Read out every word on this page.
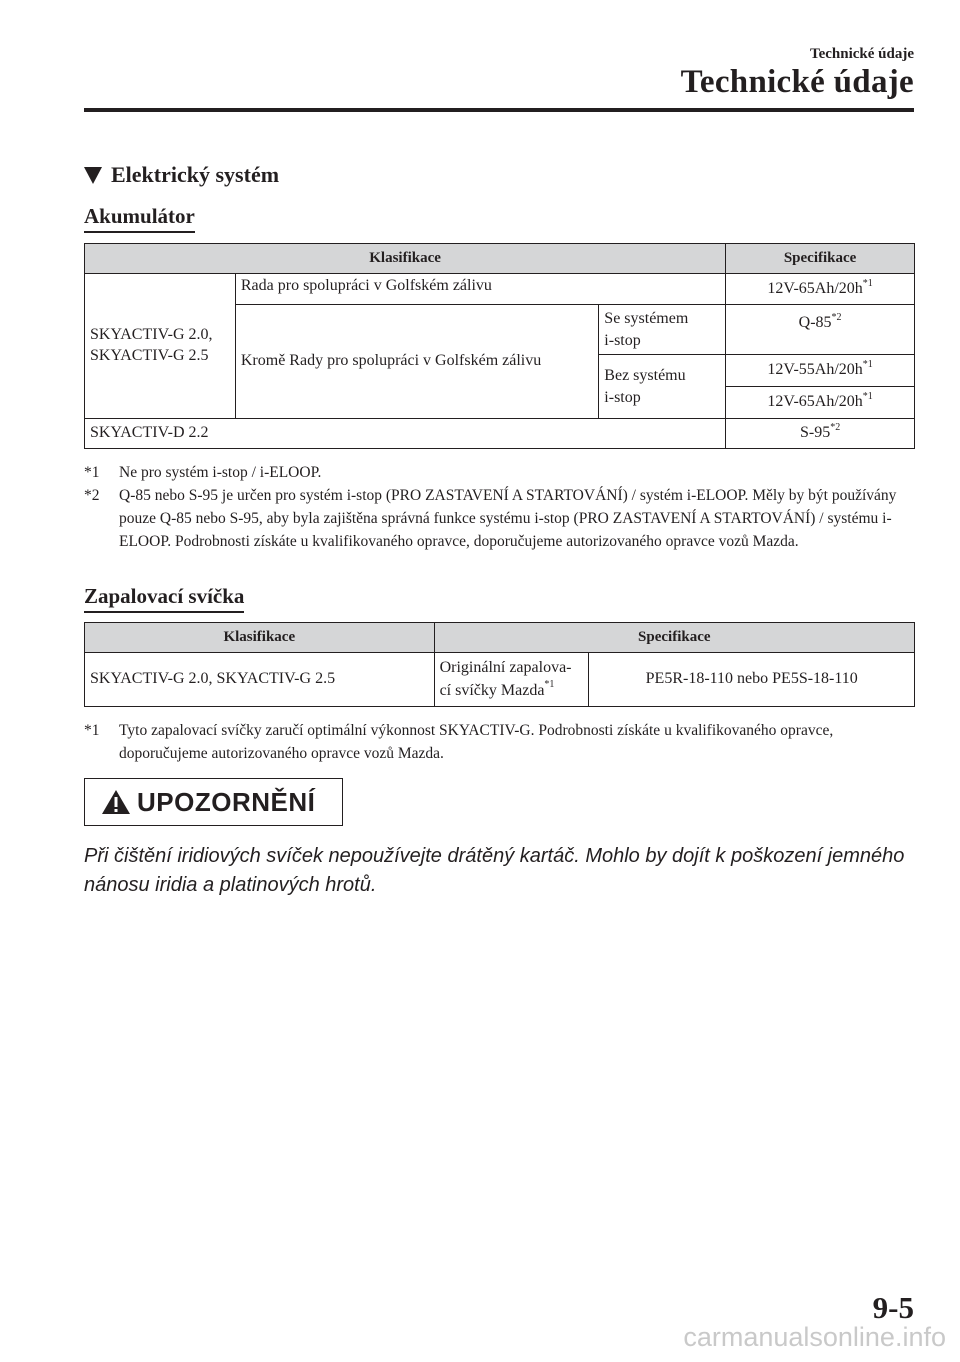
Technické údaje
Technické údaje
Elektrický systém
Akumulátor
Klasifikace			Specifikace
SKYACTIV-G 2.0,
SKYACTIV-G 2.5	Rada pro spolupráci v Golfském zálivu		$12V-65Ah/20h^{*1}$
	Kromě Rady pro spolupráci v Golfském zálivu	Se systémem
i-stop	Q-85$^{*2}$
		Bez systému
i-stop	$12V-55Ah/20h^{*1}$
			$12V-65Ah/20h^{*1}$
SKYACTIV-D 2.2			S-95$^{*2}$
*1	Ne pro systém i-stop / i-ELOOP.
*2	Q-85 nebo S-95 je určen pro systém i-stop (PRO ZASTAVENÍ A STARTOVÁNÍ) / systém i-ELOOP. Měly by být používány pouze Q-85 nebo S-95, aby byla zajištěna správná funkce systému i-stop (PRO ZASTAVENÍ A STARTOVÁNÍ) / systému i-ELOOP. Podrobnosti získáte u kvalifikovaného opravce, doporučujeme autorizovaného opravce vozů Mazda.
Zapalovací svíčka
Klasifikace	Specifikace	
SKYACTIV-G 2.0, SKYACTIV-G 2.5	Originální zapalova-
cí svíčky Mazda$^{*1}$	PE5R-18-110 nebo PE5S-18-110
*1	Tyto zapalovací svíčky zaručí optimální výkonnost SKYACTIV-G. Podrobnosti získáte u kvalifikovaného opravce, doporučujeme autorizovaného opravce vozů Mazda.
UPOZORNĚNÍ
Při čištění iridiových svíček nepoužívejte drátěný kartáč. Mohlo by dojít k poškození jemného nánosu iridia a platinových hrotů.
9-5
carmanualsonline.info
